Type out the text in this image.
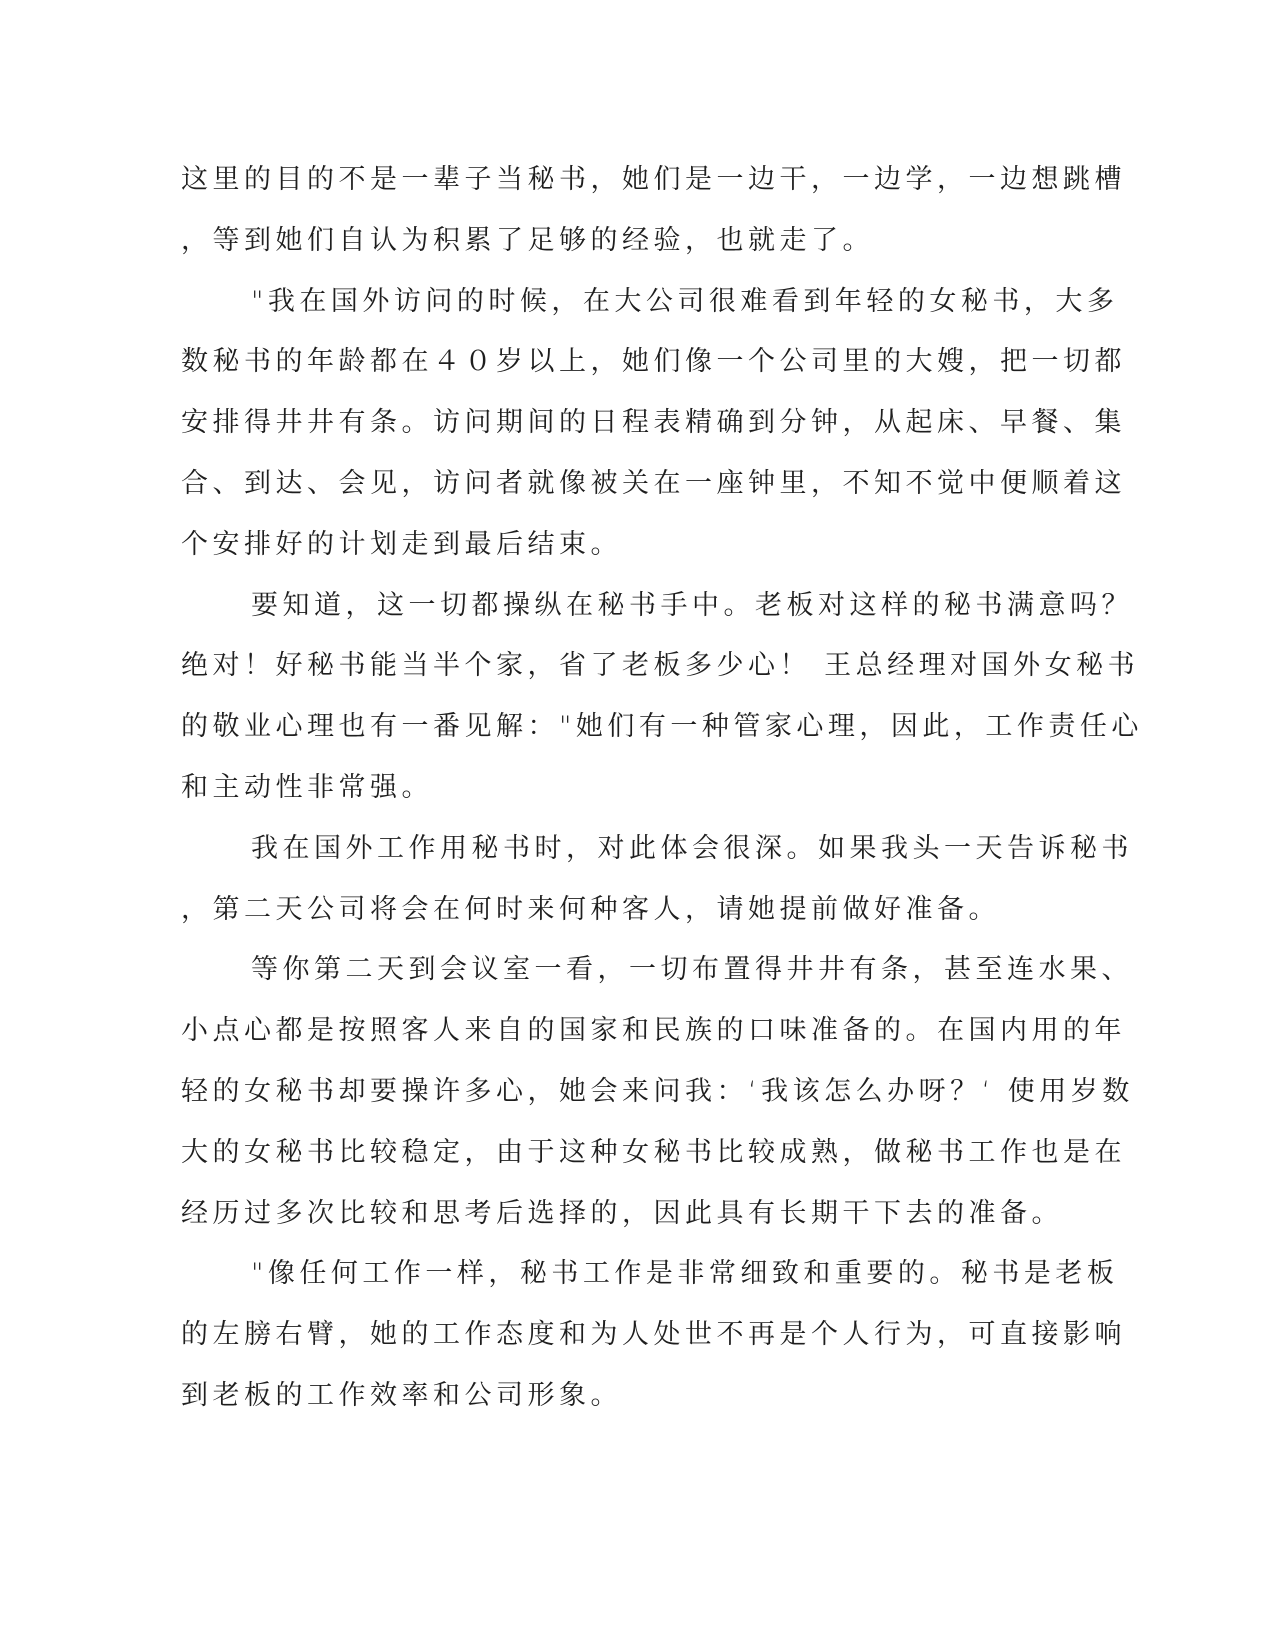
这里的目的不是一辈子当秘书，她们是一边干，一边学，一边想跳槽
，等到她们自认为积累了足够的经验，也就走了。
"我在国外访问的时候，在大公司很难看到年轻的女秘书，大多
数秘书的年龄都在４０岁以上，她们像一个公司里的大嫂，把一切都
安排得井井有条。访问期间的日程表精确到分钟，从起床、早餐、集
合、到达、会见，访问者就像被关在一座钟里，不知不觉中便顺着这
个安排好的计划走到最后结束。
要知道，这一切都操纵在秘书手中。老板对这样的秘书满意吗？
绝对！好秘书能当半个家，省了老板多少心！ 王总经理对国外女秘书
的敬业心理也有一番见解："她们有一种管家心理，因此，工作责任心
和主动性非常强。
我在国外工作用秘书时，对此体会很深。如果我头一天告诉秘书
，第二天公司将会在何时来何种客人，请她提前做好准备。
等你第二天到会议室一看，一切布置得井井有条，甚至连水果、
小点心都是按照客人来自的国家和民族的口味准备的。在国内用的年
轻的女秘书却要操许多心，她会来问我：‘我该怎么办呀？‘ 使用岁数
大的女秘书比较稳定，由于这种女秘书比较成熟，做秘书工作也是在
经历过多次比较和思考后选择的，因此具有长期干下去的准备。
"像任何工作一样，秘书工作是非常细致和重要的。秘书是老板
的左膀右臂，她的工作态度和为人处世不再是个人行为，可直接影响
到老板的工作效率和公司形象。
